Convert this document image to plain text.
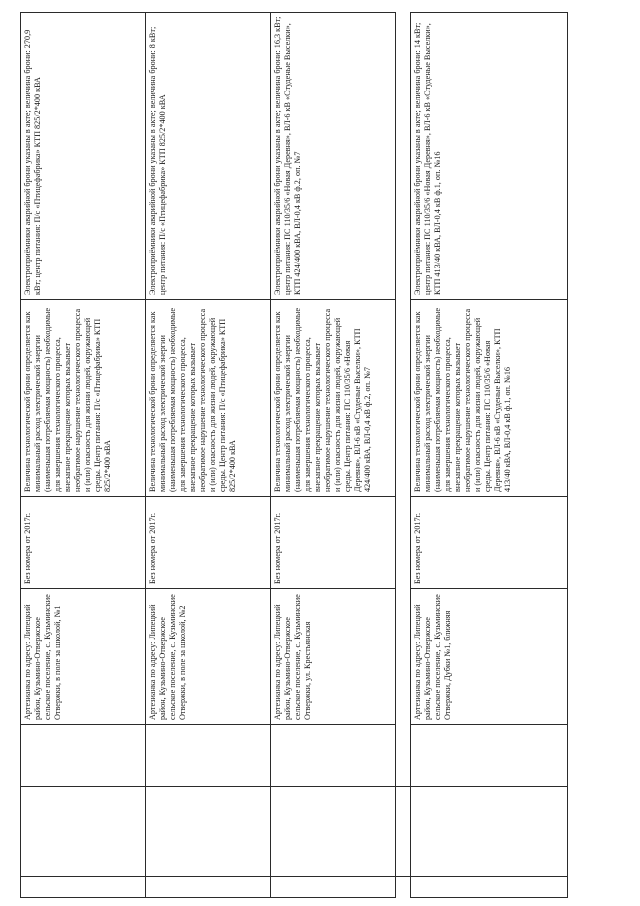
Артезианка по адресу: Липецкий район, Кузьмино-Отвержское сельское поселение, с. Кузьминские Отвержки, в поле за школой, №1
Без номера от 2017г.
Величина технологической брони определяется как минимальный расход электрической энергии (наименьшая потребляемая мощность) необходимые для завершения технологического процесса, внезапное прекращение которых вызывает необратимое нарушение технологического процесса и (или) опасность для жизни людей, окружающей среды. Центр питания: П/с «Птицефабрика» КТП 825/2*400 кВА
Электроприёмники аварийной брони указаны в акте; величина брони: 270,9 кВт; центр питания: П/с «Птицефабрика» КТП 825/2*400 кВА
Артезианка по адресу: Липецкий район, Кузьмино-Отвержское сельское поселение, с. Кузьминские Отвержки, в поле за школой, №2
Без номера от 2017г.
Величина технологической брони определяется как минимальный расход электрической энергии (наименьшая потребляемая мощность) необходимые для завершения технологического процесса, внезапное прекращение которых вызывает необратимое нарушение технологического процесса и (или) опасность для жизни людей, окружающей среды. Центр питания: П/с «Птицефабрика» КТП 825/2*400 кВА
Электроприёмники аварийной брони указаны в акте; величина брони: 8 кВт; центр питания: П/с «Птицефабрика» КТП 825/2*400 кВА
Артезианка по адресу: Липецкий район, Кузьмино-Отвержское сельское поселение, с. Кузьминские Отвержки, ул. Крестьянская
Без номера от 2017г.
Величина технологической брони определяется как минимальный расход электрической энергии (наименьшая потребляемая мощность) необходимые для завершения технологического процесса, внезапное прекращение которых вызывает необратимое нарушение технологического процесса и (или) опасность для жизни людей, окружающей среды. Центр питания: ПС 110/35/6 «Новая Деревня», ВЛ-6 кВ «Студеные Выселки», КТП 424/400 кВА, ВЛ-0,4 кВ ф.2, оп. №7
Электроприёмники аварийной брони указаны в акте; величина брони: 16,3 кВт; центр питания: ПС 110/35/6 «Новая Деревня», ВЛ-6 кВ «Студеные Выселки», КТП 424/400 кВА, ВЛ-0,4 кВ ф.2, оп. №7
Артезианка по адресу: Липецкий район, Кузьмино-Отвержское сельское поселение, с. Кузьминские Отвержки, Дубки №1, ближняя
Без номера от 2017г.
Величина технологической брони определяется как минимальный расход электрической энергии (наименьшая потребляемая мощность) необходимые для завершения технологического процесса, внезапное прекращение которых вызывает необратимое нарушение технологического процесса и (или) опасность для жизни людей, окружающей среды. Центр питания: ПС 110/35/6 «Новая Деревня», ВЛ-6 кВ «Студеные Выселки», КТП 413/40 кВА, ВЛ-0,4 кВ ф.1, оп. №16
Электроприёмники аварийной брони указаны в акте; величина брони: 14 кВт; центр питания: ПС 110/35/6 «Новая Деревня», ВЛ-6 кВ «Студеные Выселки», КТП 413/40 кВА, ВЛ-0,4 кВ ф.1, оп. №16
